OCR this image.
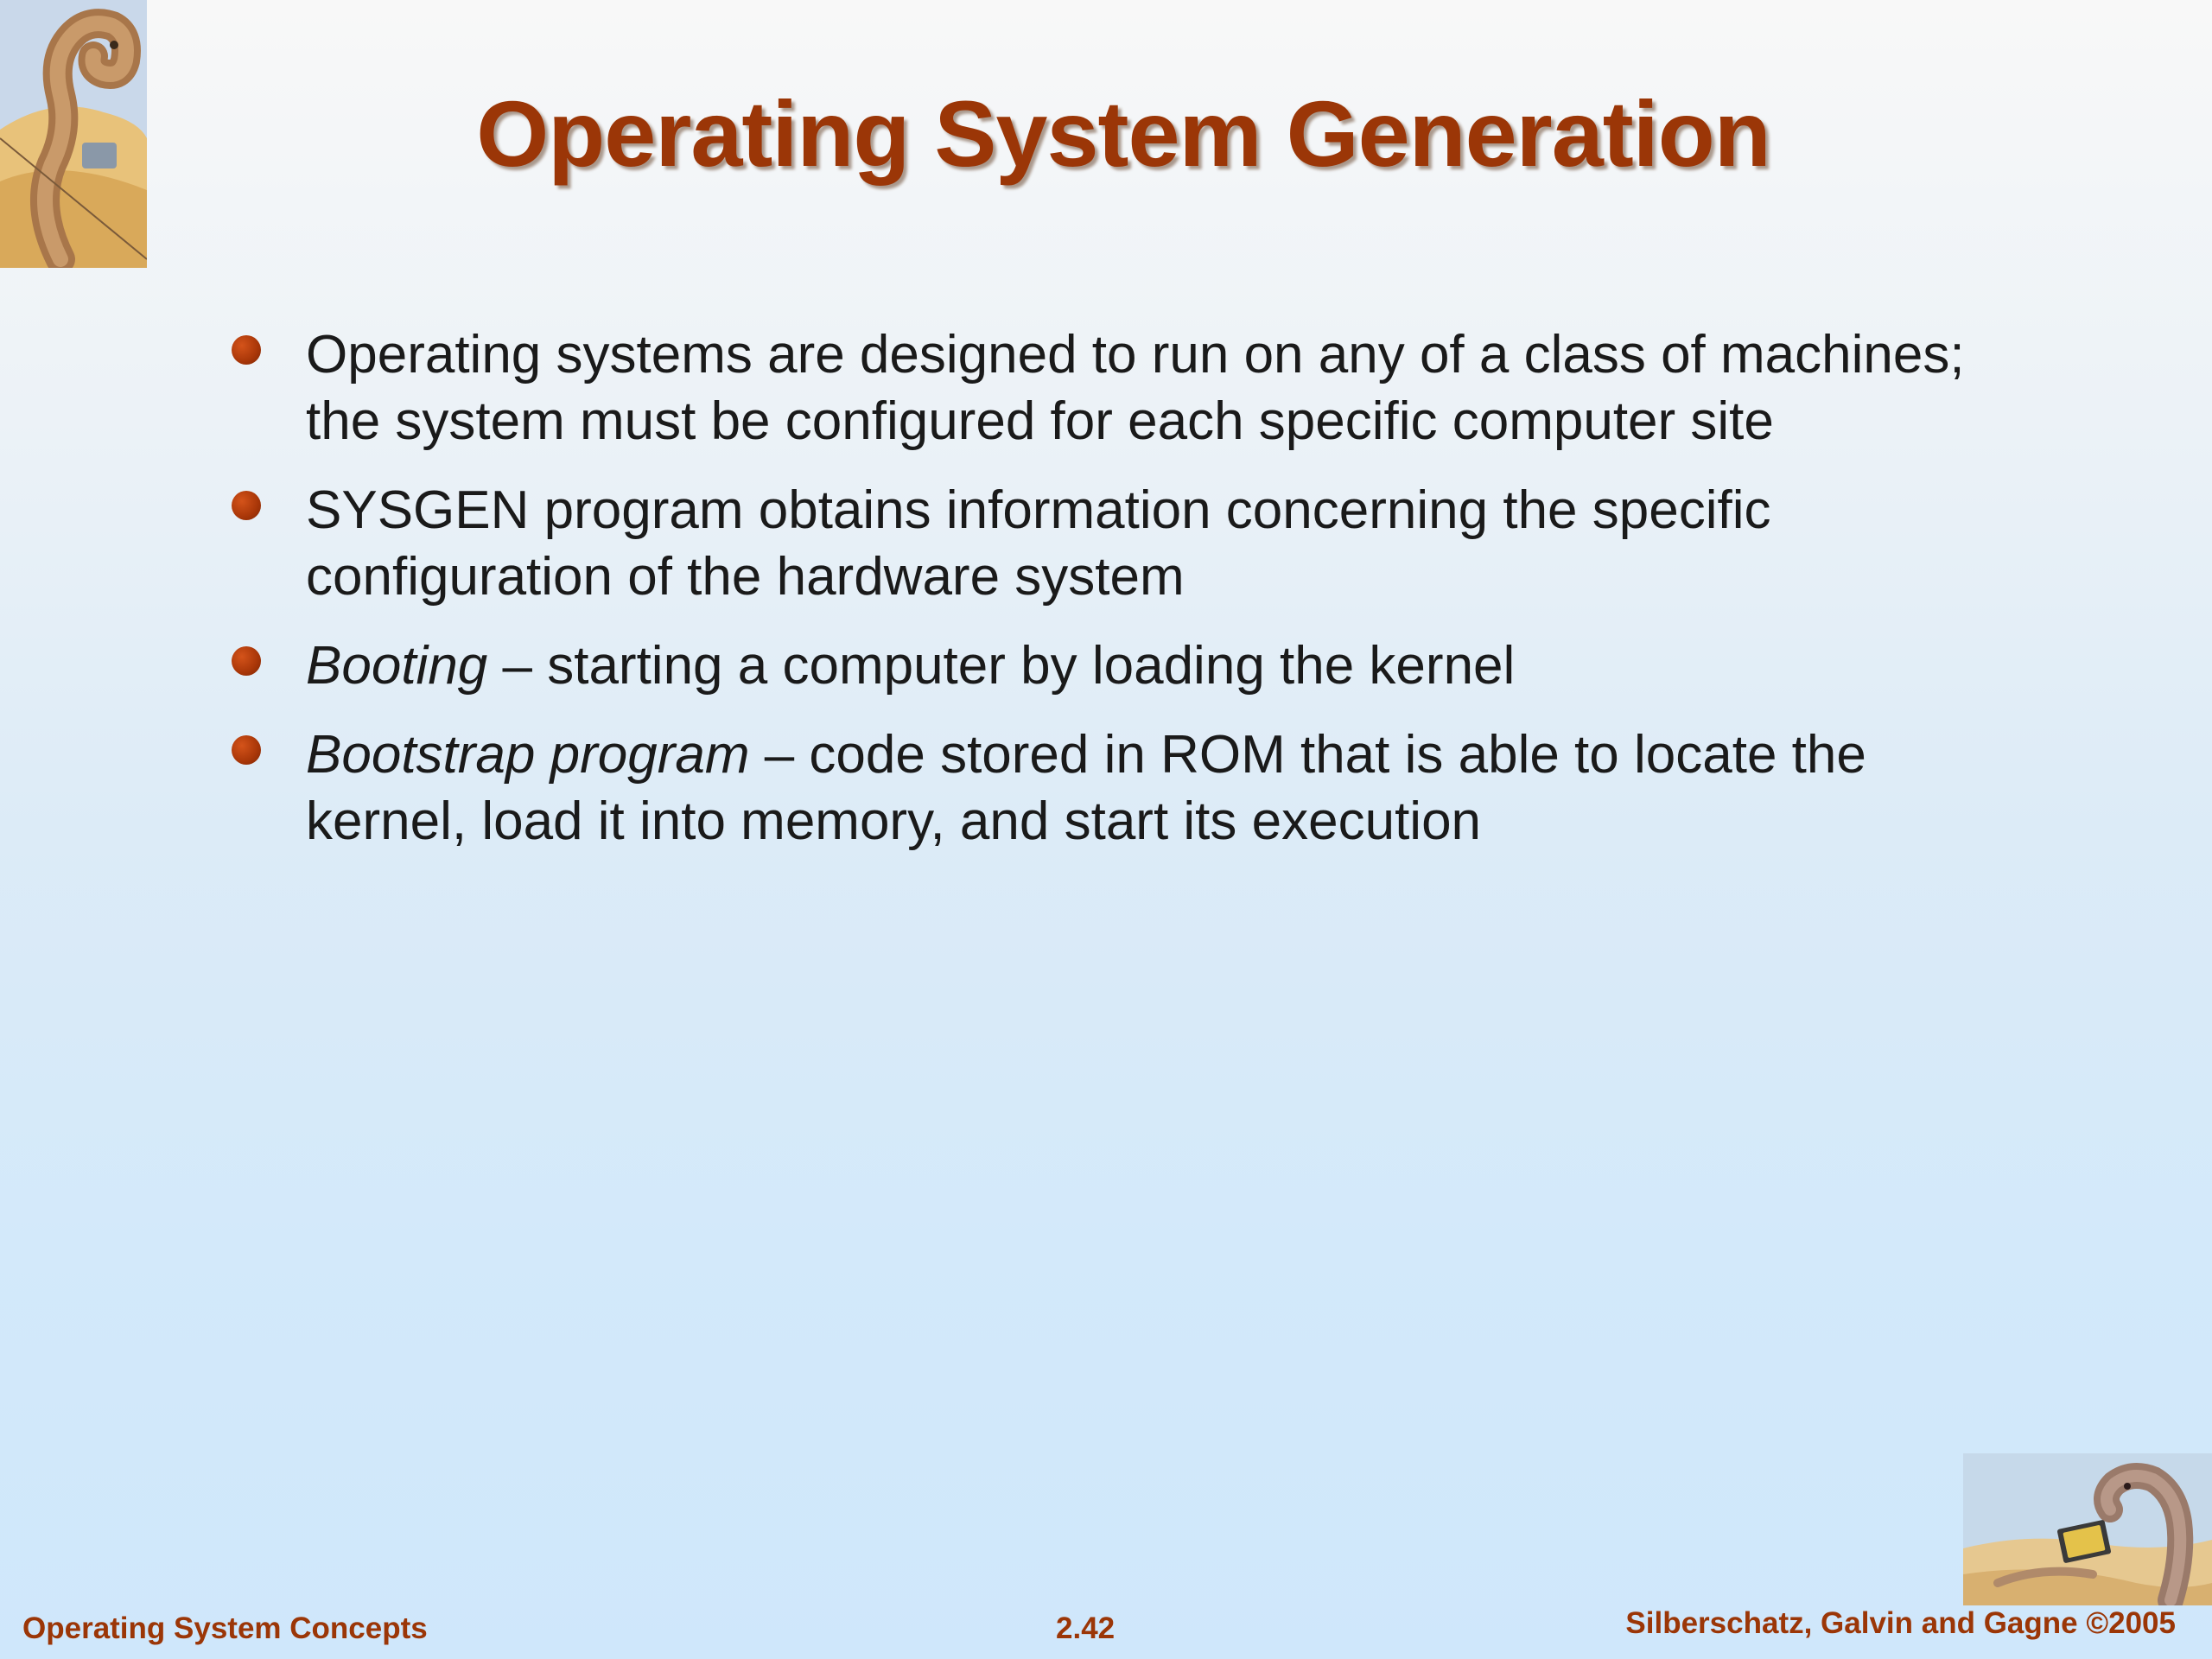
Operating System Generation
Operating systems are designed to run on any of a class of machines; the system must be configured for each specific computer site
SYSGEN program obtains information concerning the specific configuration of the hardware system
Booting – starting a computer by loading the kernel
Bootstrap program – code stored in ROM that is able to locate the kernel, load it into memory, and start its execution

Operating System Concepts	2.42	Silberschatz, Galvin and Gagne ©2005
